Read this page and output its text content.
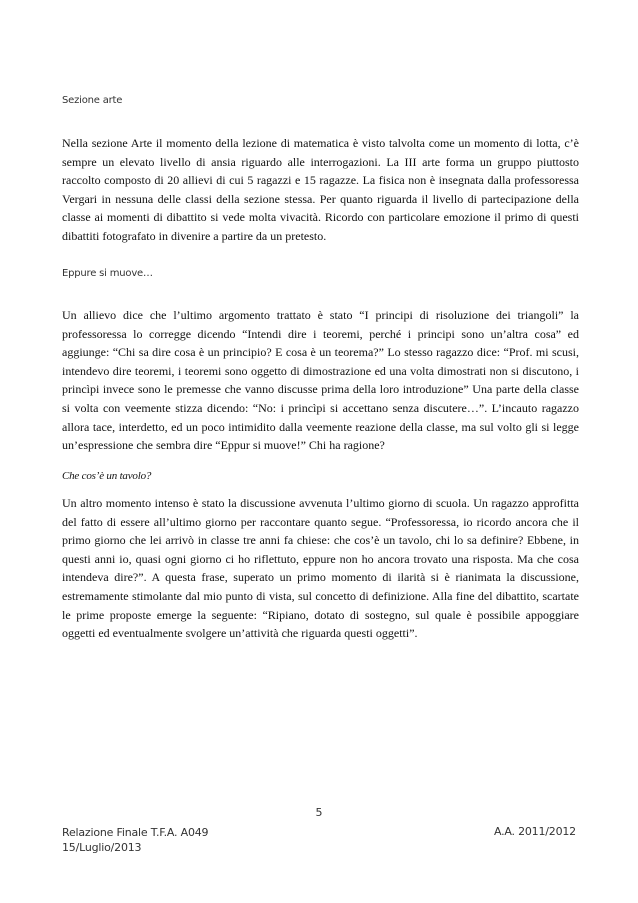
Sezione arte

Nella sezione Arte il momento della lezione di matematica è visto talvolta come un momento di lotta, c’è sempre un elevato livello di ansia riguardo alle interrogazioni. La III arte forma un gruppo piuttosto raccolto composto di 20 allievi di cui 5 ragazzi e 15 ragazze. La fisica non è insegnata dalla professoressa Vergari in nessuna delle classi della sezione stessa. Per quanto riguarda il livello di partecipazione della classe ai momenti di dibattito si vede molta vivacità. Ricordo con particolare emozione il primo di questi dibattiti fotografato in divenire a partire da un pretesto.

Eppure si muove…

Un allievo dice che l’ultimo argomento trattato è stato “I principi di risoluzione dei triangoli” la professoressa lo corregge dicendo “Intendi dire i teoremi, perché i principi sono un’altra cosa” ed aggiunge: “Chi sa dire cosa è un principio? E cosa è un teorema?” Lo stesso ragazzo dice: “Prof. mi scusi, intendevo dire teoremi, i teoremi sono oggetto di dimostrazione ed una volta dimostrati non si discutono, i princìpi invece sono le premesse che vanno discusse prima della loro introduzione” Una parte della classe si volta con veemente stizza dicendo: “No: i princìpi si accettano senza discutere…”. L’incauto ragazzo allora tace, interdetto, ed un poco intimidito dalla veemente reazione della classe, ma sul volto gli si legge un’espressione che sembra dire “Eppur si muove!” Chi ha ragione?

Che cos’è un tavolo?

Un altro momento intenso è stato la discussione avvenuta l’ultimo giorno di scuola. Un ragazzo approfitta del fatto di essere all’ultimo giorno per raccontare quanto segue. “Professoressa, io ricordo ancora che il primo giorno che lei arrivò in classe tre anni fa chiese: che cos’è un tavolo, chi lo sa definire? Ebbene, in questi anni io, quasi ogni giorno ci ho riflettuto, eppure non ho ancora trovato una risposta. Ma che cosa intendeva dire?”. A questa frase, superato un primo momento di ilarità si è rianimata la discussione, estremamente stimolante dal mio punto di vista, sul concetto di definizione. Alla fine del dibattito, scartate le prime proposte emerge la seguente: “Ripiano, dotato di sostegno, sul quale è possibile appoggiare oggetti ed eventualmente svolgere un’attività che riguarda questi oggetti”.

5
Relazione Finale T.F.A. A049
15/Luglio/2013
A.A. 2011/2012
